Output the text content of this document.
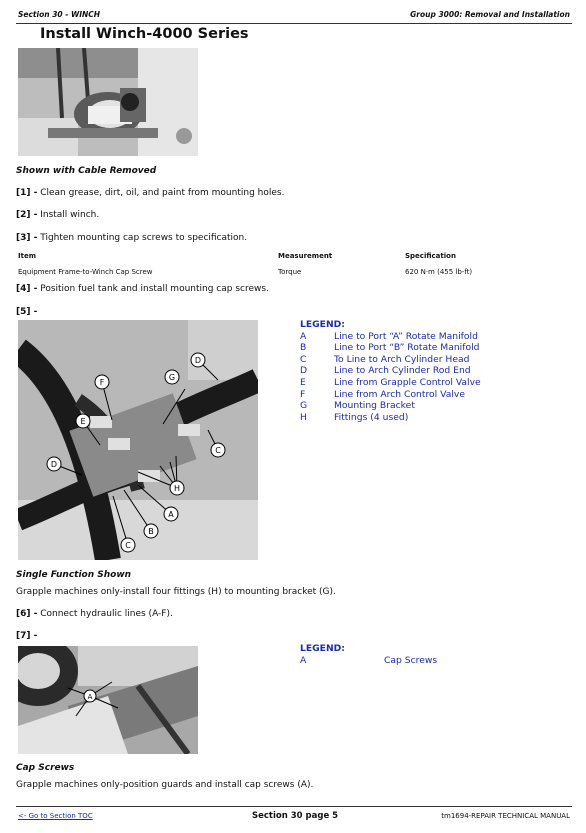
Section 30 - WINCH	Group 3000: Removal and Installation
Install Winch-4000 Series
Shown with Cable Removed
[1] - Clean grease, dirt, oil, and paint from mounting holes.
[2] - Install winch.
[3] - Tighten mounting cap screws to specification.
Item	Measurement	Specification
Equipment Frame-to-Winch Cap Screw	Torque	620 N·m (455 lb-ft)
[4] - Position fuel tank and install mounting cap screws.
[5] -
D
G
F
E
D
C
H
A
B
C
LEGEND:
A	Line to Port “A” Rotate Manifold
B	Line to Port “B” Rotate Manifold
C	To Line to Arch Cylinder Head
D	Line to Arch Cylinder Rod End
E	Line from Grapple Control Valve
F	Line from Arch Control Valve
G	Mounting Bracket
H	Fittings (4 used)
Single Function Shown
Grapple machines only-install four fittings (H) to mounting bracket (G).
[6] - Connect hydraulic lines (A-F).
[7] -
A
LEGEND:
A	Cap Screws
Cap Screws
Grapple machines only-position guards and install cap screws (A).
<- Go to Section TOC	Section 30 page 5	tm1694-REPAIR TECHNICAL MANUAL
